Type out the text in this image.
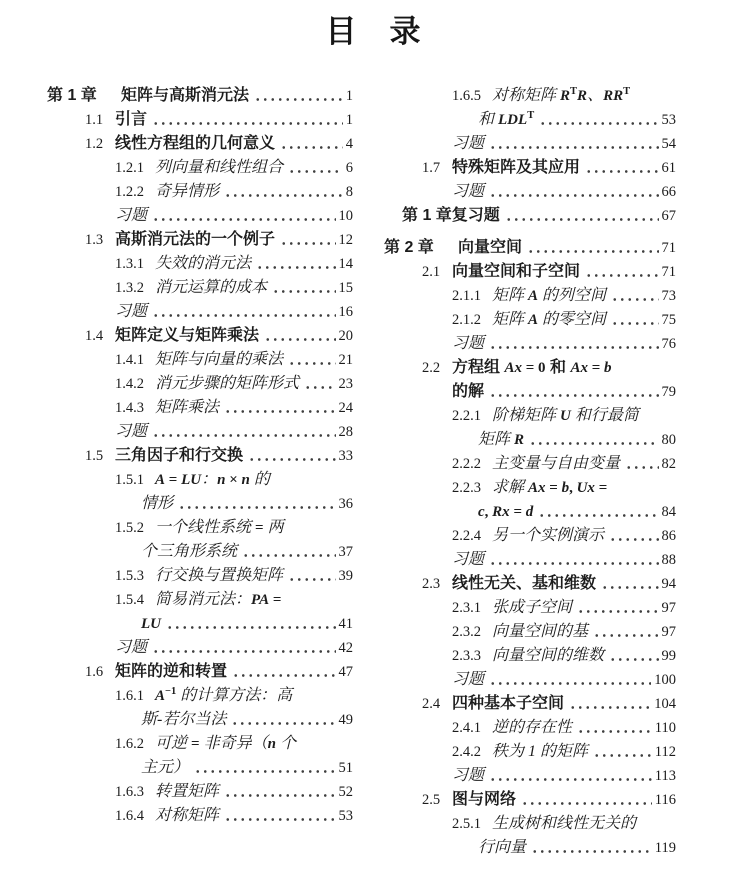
目　录
第 1 章	矩阵与高斯消元法	1
1.1 引言	1
1.2 线性方程组的几何意义	4
1.2.1 列向量和线性组合	6
1.2.2 奇异情形	8
习题	10
1.3 高斯消元法的一个例子	12
1.3.1 失效的消元法	14
1.3.2 消元运算的成本	15
习题	16
1.4 矩阵定义与矩阵乘法	20
1.4.1 矩阵与向量的乘法	21
1.4.2 消元步骤的矩阵形式	23
1.4.3 矩阵乘法	24
习题	28
1.5 三角因子和行交换	33
1.5.1 A = LU：n × n 的
情形	36
1.5.2 一个线性系统 = 两
个三角形系统	37
1.5.3 行交换与置换矩阵	39
1.5.4 简易消元法：PA =
LU	41
习题	42
1.6 矩阵的逆和转置	47
1.6.1 $A^{-1}$ 的计算方法：高
斯-若尔当法	49
1.6.2 可逆 = 非奇异（n 个
主元）	51
1.6.3 转置矩阵	52
1.6.4 对称矩阵	53
1.6.5 对称矩阵 $R^TR$、$RR^T$
和 $LDL^T$	53
习题	54
1.7 特殊矩阵及其应用	61
习题	66
第 1 章复习题	67
第 2 章	向量空间	71
2.1 向量空间和子空间	71
2.1.1 矩阵 A 的列空间	73
2.1.2 矩阵 A 的零空间	75
习题	76
2.2 方程组 Ax = 0 和 Ax = b
的解	79
2.2.1 阶梯矩阵 U 和行最简
矩阵 R	80
2.2.2 主变量与自由变量	82
2.2.3 求解 Ax = b, Ux =
c, Rx = d	84
2.2.4 另一个实例演示	86
习题	88
2.3 线性无关、基和维数	94
2.3.1 张成子空间	97
2.3.2 向量空间的基	97
2.3.3 向量空间的维数	99
习题	100
2.4 四种基本子空间	104
2.4.1 逆的存在性	110
2.4.2 秩为 1 的矩阵	112
习题	113
2.5 图与网络	116
2.5.1 生成树和线性无关的
行向量	119
